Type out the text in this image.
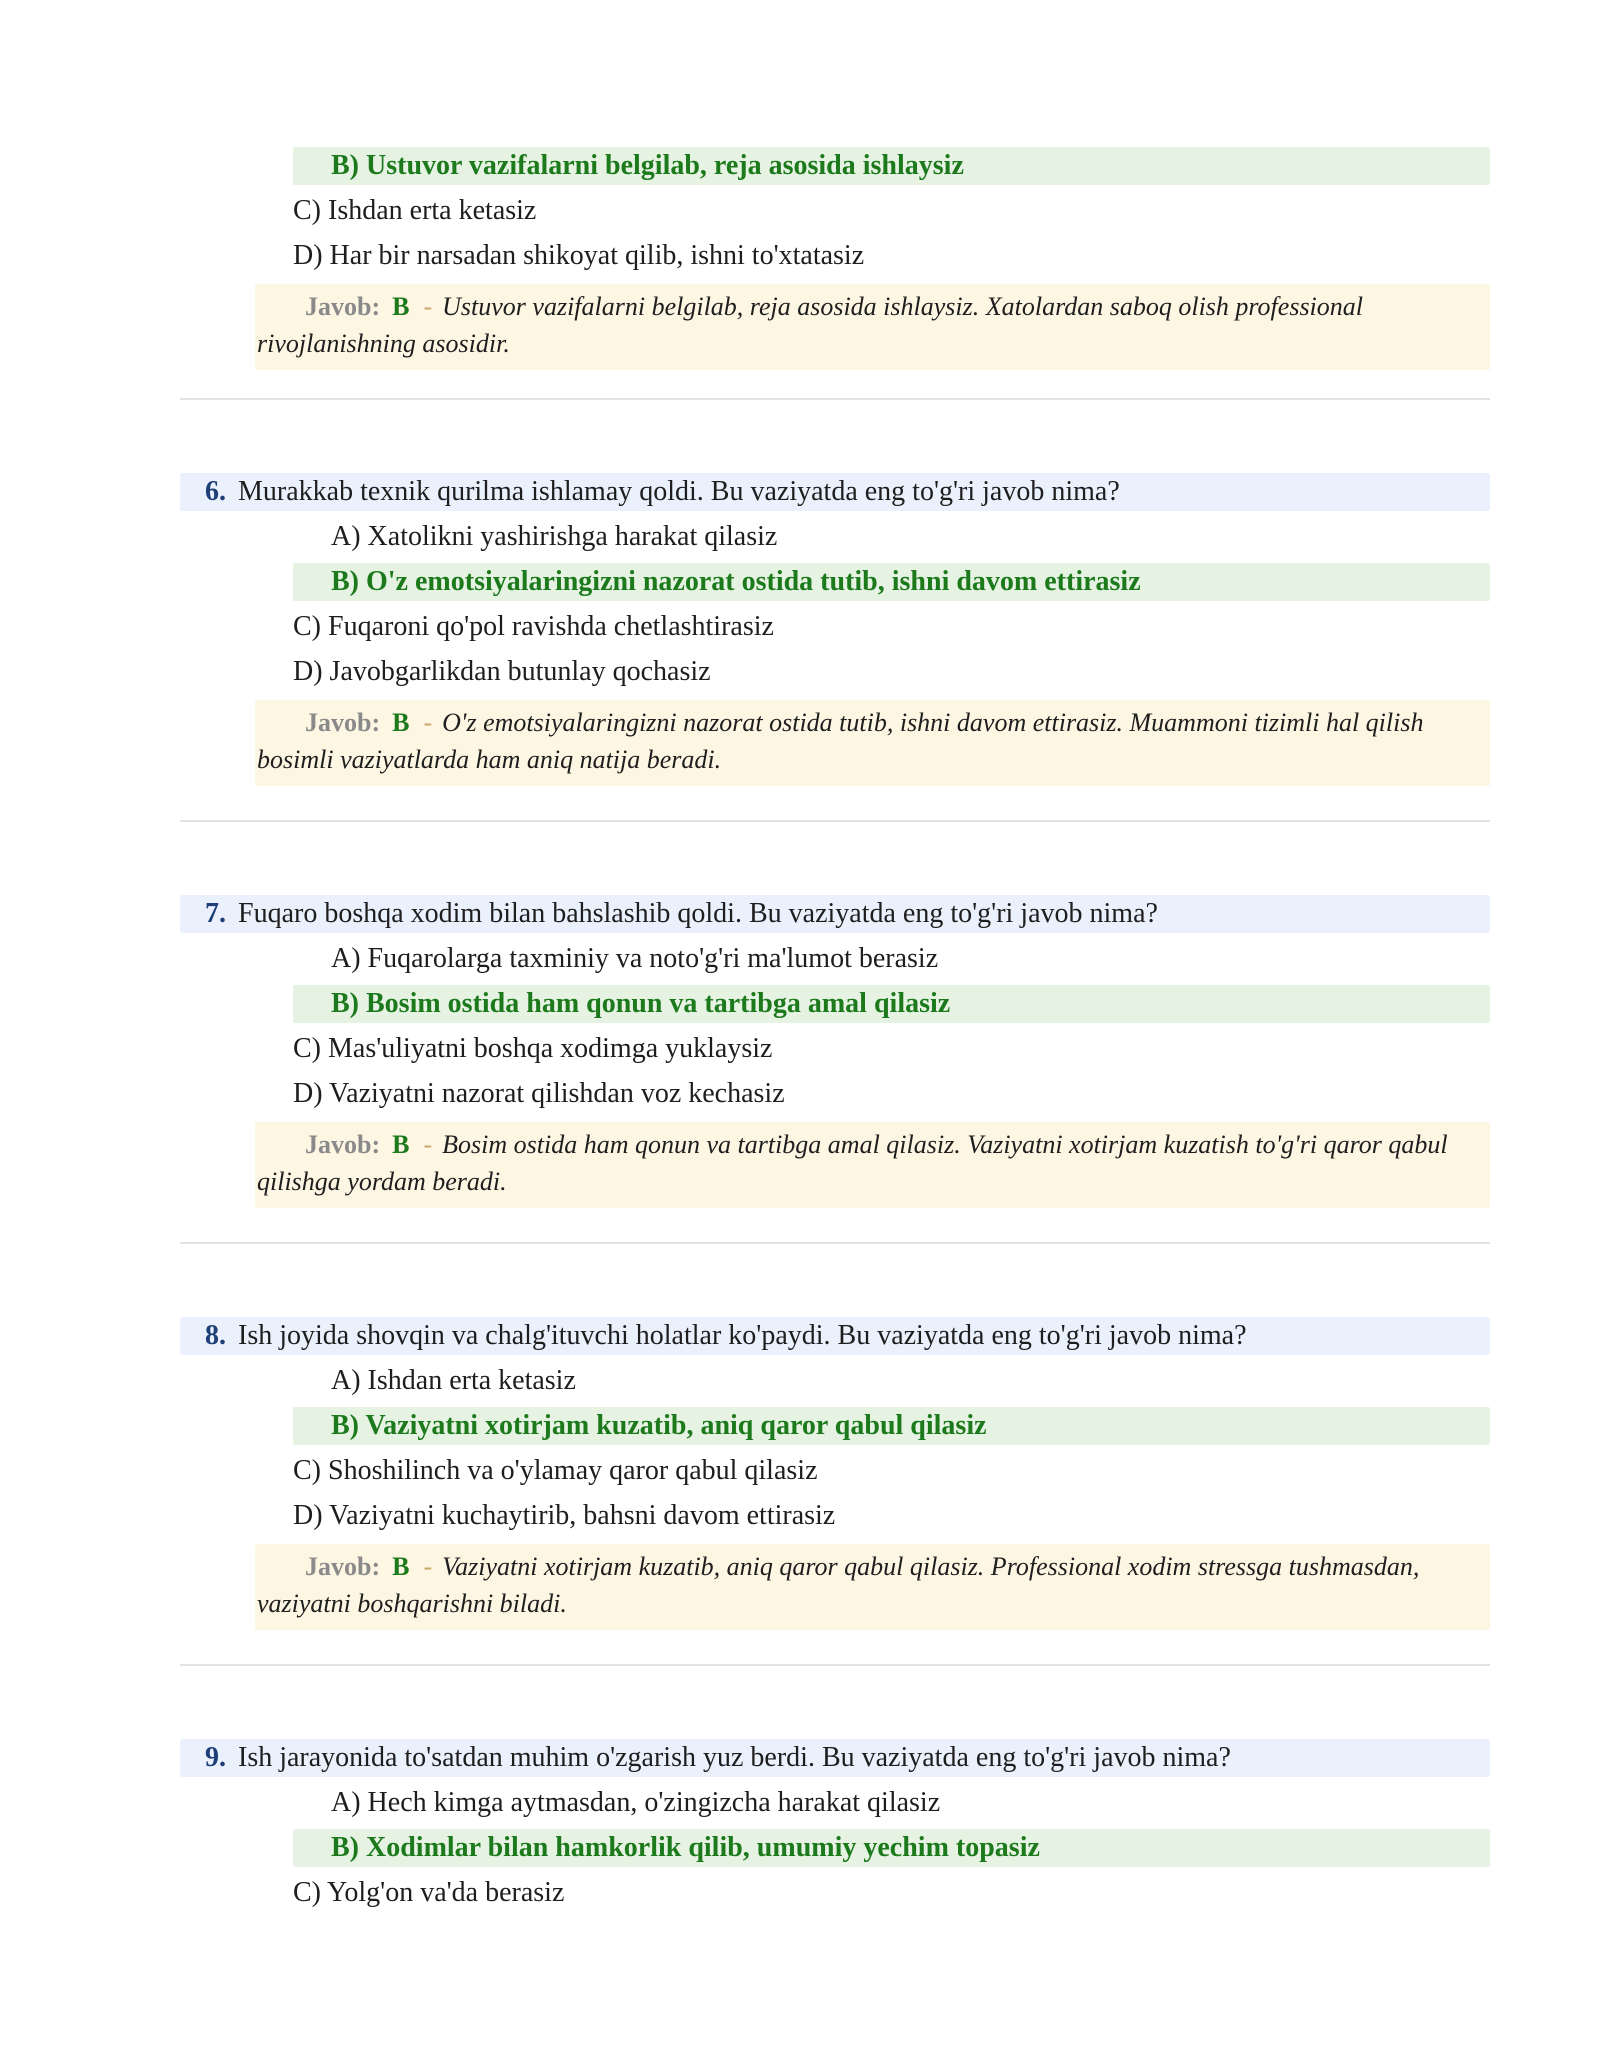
B) Ustuvor vazifalarni belgilab, reja asosida ishlaysiz
C) Ishdan erta ketasiz
D) Har bir narsadan shikoyat qilib, ishni to'xtatasiz
Javob: B - Ustuvor vazifalarni belgilab, reja asosida ishlaysiz. Xatolardan saboq olish professional rivojlanishning asosidir.
6. Murakkab texnik qurilma ishlamay qoldi. Bu vaziyatda eng to'g'ri javob nima?
A) Xatolikni yashirishga harakat qilasiz
B) O'z emotsiyalaringizni nazorat ostida tutib, ishni davom ettirasiz
C) Fuqaroni qo'pol ravishda chetlashtirasiz
D) Javobgarlikdan butunlay qochasiz
Javob: B - O'z emotsiyalaringizni nazorat ostida tutib, ishni davom ettirasiz. Muammoni tizimli hal qilish bosimli vaziyatlarda ham aniq natija beradi.
7. Fuqaro boshqa xodim bilan bahslashib qoldi. Bu vaziyatda eng to'g'ri javob nima?
A) Fuqarolarga taxminiy va noto'g'ri ma'lumot berasiz
B) Bosim ostida ham qonun va tartibga amal qilasiz
C) Mas'uliyatni boshqa xodimga yuklaysiz
D) Vaziyatni nazorat qilishdan voz kechasiz
Javob: B - Bosim ostida ham qonun va tartibga amal qilasiz. Vaziyatni xotirjam kuzatish to'g'ri qaror qabul qilishga yordam beradi.
8. Ish joyida shovqin va chalg'ituvchi holatlar ko'paydi. Bu vaziyatda eng to'g'ri javob nima?
A) Ishdan erta ketasiz
B) Vaziyatni xotirjam kuzatib, aniq qaror qabul qilasiz
C) Shoshilinch va o'ylamay qaror qabul qilasiz
D) Vaziyatni kuchaytirib, bahsni davom ettirasiz
Javob: B - Vaziyatni xotirjam kuzatib, aniq qaror qabul qilasiz. Professional xodim stressga tushmasdan, vaziyatni boshqarishni biladi.
9. Ish jarayonida to'satdan muhim o'zgarish yuz berdi. Bu vaziyatda eng to'g'ri javob nima?
A) Hech kimga aytmasdan, o'zingizcha harakat qilasiz
B) Xodimlar bilan hamkorlik qilib, umumiy yechim topasiz
C) Yolg'on va'da berasiz
